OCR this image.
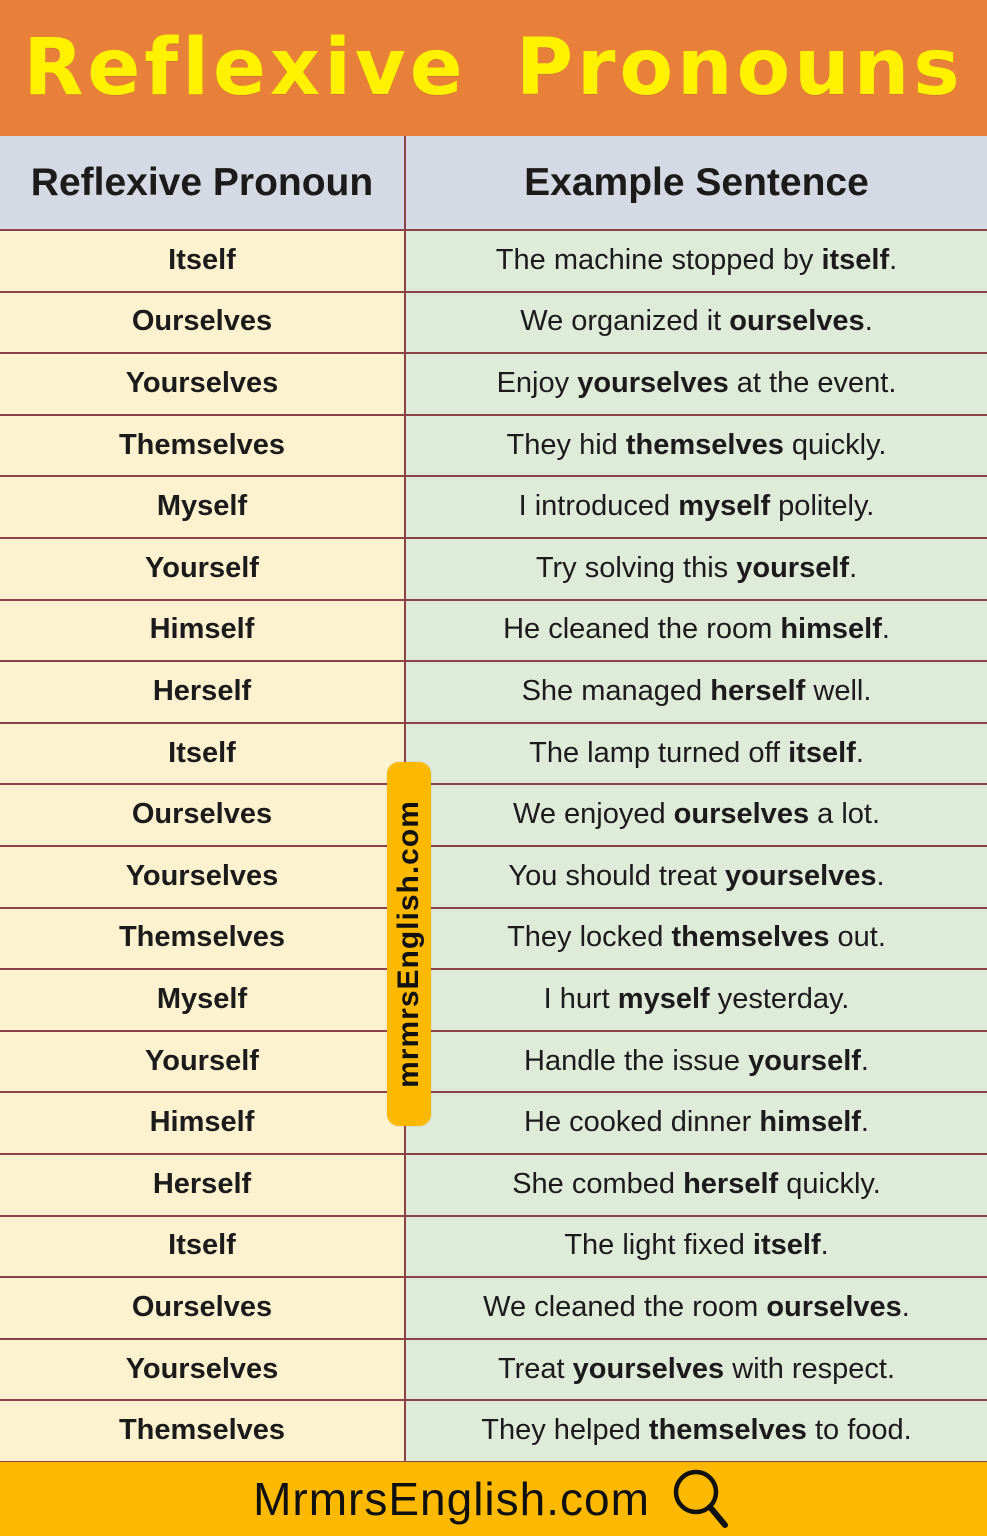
Reflexive Pronouns
Reflexive Pronoun	Example Sentence
Itself	The machine stopped by itself.
Ourselves	We organized it ourselves.
Yourselves	Enjoy yourselves at the event.
Themselves	They hid themselves quickly.
Myself	I introduced myself politely.
Yourself	Try solving this yourself.
Himself	He cleaned the room himself.
Herself	She managed herself well.
Itself	The lamp turned off itself.
Ourselves	We enjoyed ourselves a lot.
Yourselves	You should treat yourselves.
Themselves	They locked themselves out.
Myself	I hurt myself yesterday.
Yourself	Handle the issue yourself.
Himself	He cooked dinner himself.
Herself	She combed herself quickly.
Itself	The light fixed itself.
Ourselves	We cleaned the room ourselves.
Yourselves	Treat yourselves with respect.
Themselves	They helped themselves to food.
mrmrsEnglish.com
MrmrsEnglish.com
